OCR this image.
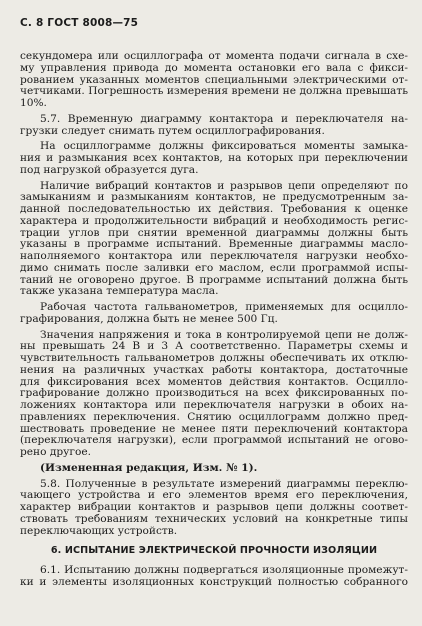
С. 8 ГОСТ 8008—75
секундомера или осциллографа от момента подачи сигнала в схе-
му управления привода до момента остановки его вала с фикси-
рованием указанных моментов специальными электрическими от-
четчиками. Погрешность измерения времени не должна превышать
10%.
5.7. Временную диаграмму контактора и переключателя на-
грузки следует снимать путем осциллографирования.
На осциллограмме должны фиксироваться моменты замыка-
ния и размыкания всех контактов, на которых при переключении
под нагрузкой образуется дуга.
Наличие вибраций контактов и разрывов цепи определяют по
замыканиям и размыканиям контактов, не предусмотренным за-
данной последовательностью их действия. Требования к оценке
характера и продолжительности вибраций и необходимость регис-
трации углов при снятии временной диаграммы должны быть
указаны в программе испытаний. Временные диаграммы масло-
наполняемого контактора или переключателя нагрузки необхо-
димо снимать после заливки его маслом, если программой испы-
таний не оговорено другое. В программе испытаний должна быть
также указана температура масла.
Рабочая частота гальванометров, применяемых для осцилло-
графирования, должна быть не менее 500 Гц.
Значения напряжения и тока в контролируемой цепи не долж-
ны превышать 24 В и 3 А соответственно. Параметры схемы и
чувствительность гальванометров должны обеспечивать их отклю-
нения на различных участках работы контактора, достаточные
для фиксирования всех моментов действия контактов. Осцилло-
графирование должно производиться на всех фиксированных по-
ложениях контактора или переключателя нагрузки в обоих на-
правлениях переключения. Снятию осциллограмм должно пред-
шествовать проведение не менее пяти переключений контактора
(переключателя нагрузки), если программой испытаний не огово-
рено другое.
(Измененная редакция, Изм. № 1).
5.8. Полученные в результате измерений диаграммы переклю-
чающего устройства и его элементов время его переключения,
характер вибрации контактов и разрывов цепи должны соответ-
ствовать требованиям технических условий на конкретные типы
переключающих устройств.
6. ИСПЫТАНИЕ ЭЛЕКТРИЧЕСКОЙ ПРОЧНОСТИ ИЗОЛЯЦИИ
6.1. Испытанию должны подвергаться изоляционные промежут-
ки и элементы изоляционных конструкций полностью собранного
